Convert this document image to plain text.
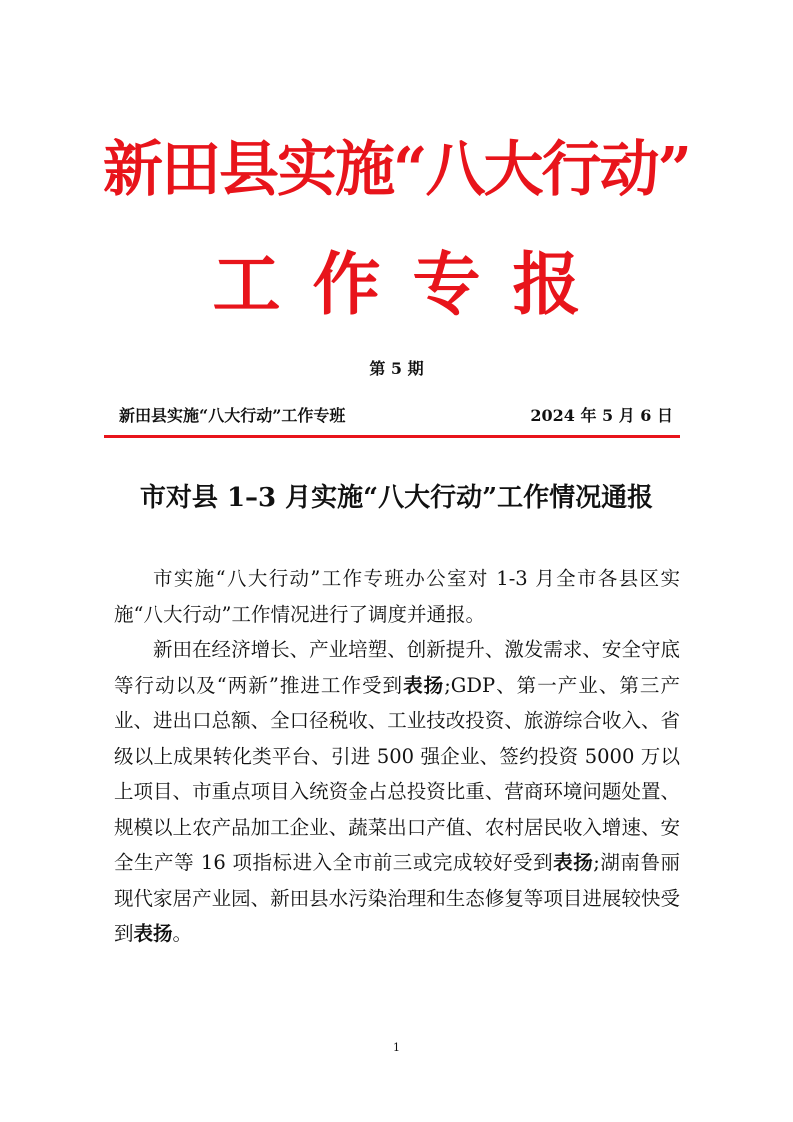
新田县实施“八大行动”
工作专报
第 5 期
新田县实施“八大行动”工作专班	2024 年 5 月 6 日
市对县 1–3 月实施“八大行动”工作情况通报

市实施“八大行动”工作专班办公室对 1-3 月全市各县区实施“八大行动”工作情况进行了调度并通报。

新田在经济增长、产业培塑、创新提升、激发需求、安全守底等行动以及“两新”推进工作受到表扬;GDP、第一产业、第三产业、进出口总额、全口径税收、工业技改投资、旅游综合收入、省级以上成果转化类平台、引进 500 强企业、签约投资 5000 万以上项目、市重点项目入统资金占总投资比重、营商环境问题处置、规模以上农产品加工企业、蔬菜出口产值、农村居民收入增速、安全生产等 16 项指标进入全市前三或完成较好受到表扬;湖南鲁丽现代家居产业园、新田县水污染治理和生态修复等项目进展较快受到表扬。

1
